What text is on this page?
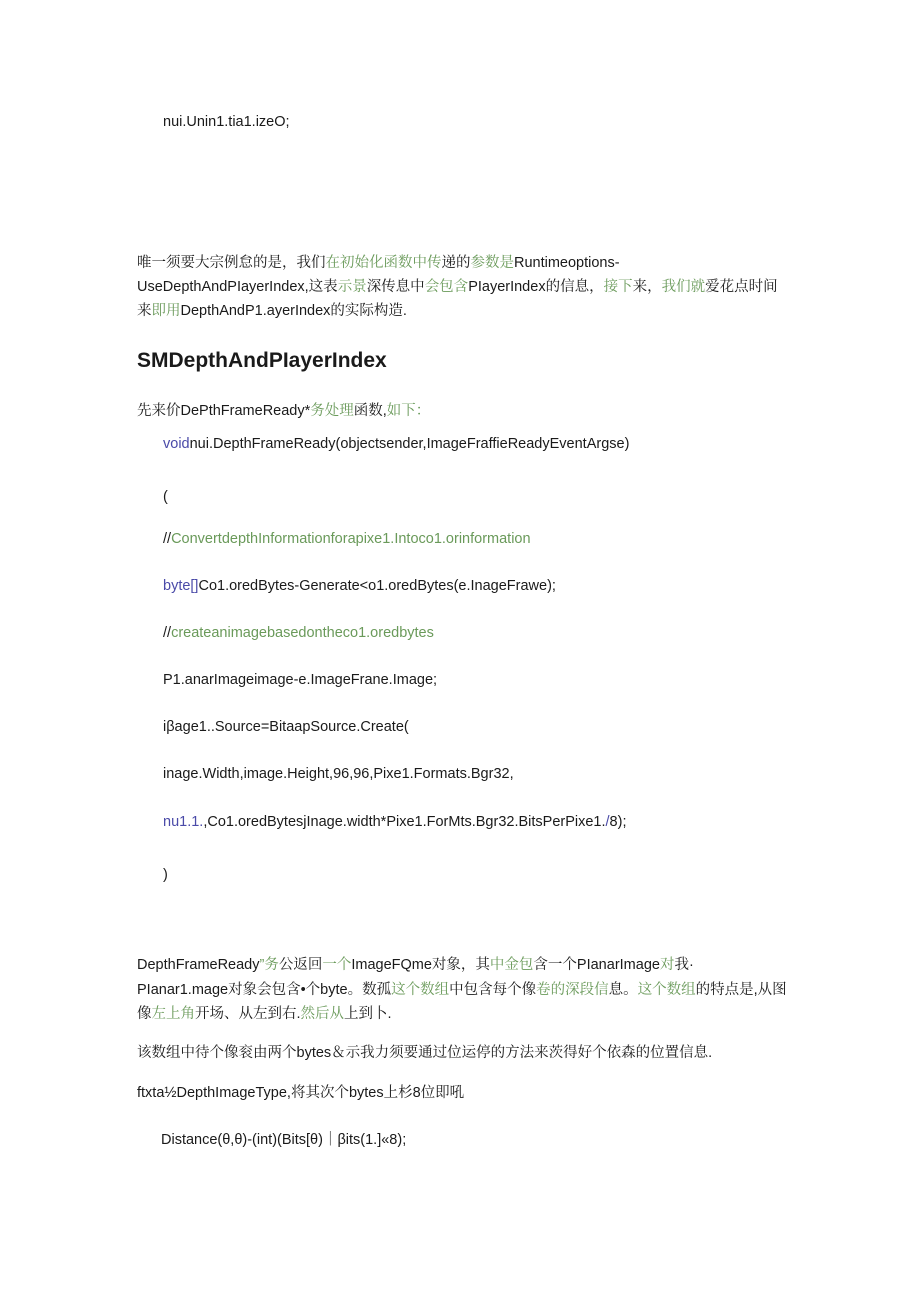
nui.Unin1.tia1.izeO;
唯一须要大宗例怠的是，我们在初始化函数中传递的参数是Runtimeoptions-
UseDepthAndPIayerIndex,这表示景深传息中会包含PIayerIndex的信息，接下来，我们就爱花点时间
来即用DepthAndP1.ayerIndex的实际构造.
SMDepthAndPIayerIndex
先来价DePthFrameReady*务处理函数,如下：
voidnui.DepthFrameReady(objectsender,ImageFraffieReadyEventArgse)
(
//ConvertdepthInformationforapixe1.Intoco1.orinformation
byte[]Co1.oredBytes-Generate<o1.oredBytes(e.InageFrawe);
//createanimagebasedontheco1.oredbytes
P1.anarImageimage-e.ImageFrane.Image;
iβage1..Source=BitaapSource.Create(
inage.Width,image.Height,96,96,Pixe1.Formats.Bgr32,
nu1.1.,Co1.oredBytesjInage.width*Pixe1.ForMts.Bgr32.BitsPerPixe1./8);
)
DepthFrameReady”务公返回一个ImageFQme对象，其中金包含一个PIanarImage对我·
PIanar1.mage对象会包含•个byte。数孤这个数组中包含每个像卷的深段信息。这个数组的特点是,从图
像左上角开场、从左到右.然后从上到卜.
该数组中待个像衮由两个bytes＆示我力须要通过位运停的方法来茨得好个依森的位置信息.
ftxta½DepthImageType,将其次个bytes上杉8位即吼
Distance(θ,θ)-(int)(Bits[θ)｜βits(1.]«8);
